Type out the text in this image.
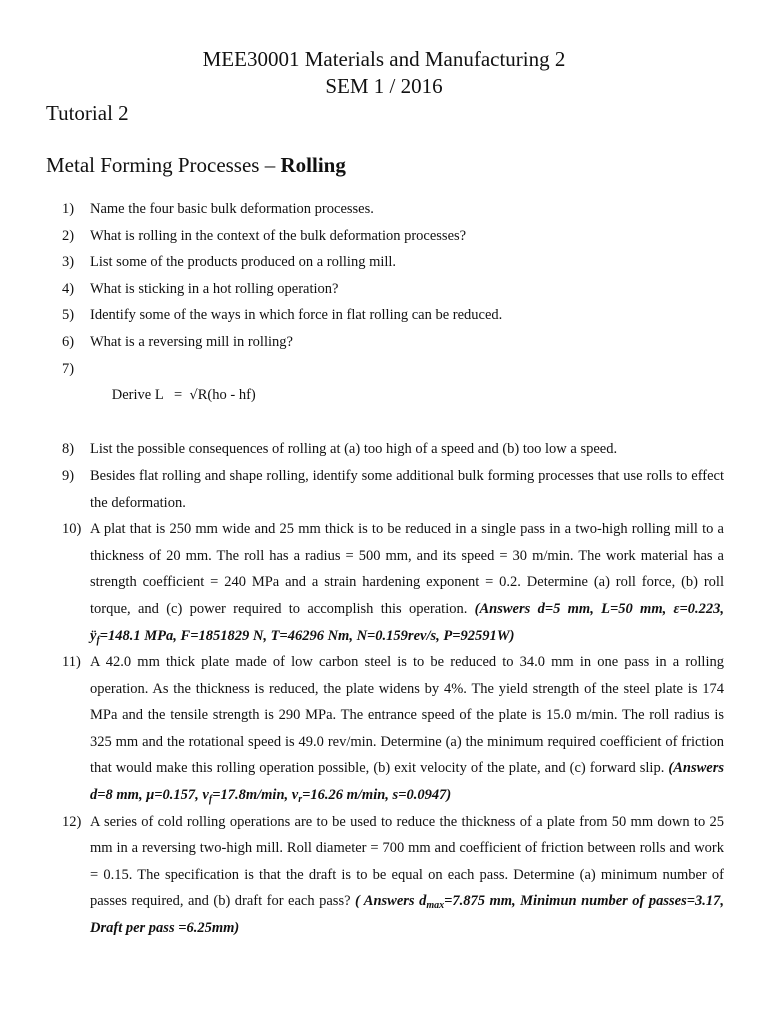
MEE30001 Materials and Manufacturing 2
SEM 1 / 2016
Tutorial 2
Metal Forming Processes – Rolling

1) Name the four basic bulk deformation processes.

2) What is rolling in the context of the bulk deformation processes?

3) List some of the products produced on a rolling mill.

4) What is sticking in a hot rolling operation?

5) Identify some of the ways in which force in flat rolling can be reduced.

6) What is a reversing mill in rolling?

7)
Derive L   =  √R(ho - hf)

8) List the possible consequences of rolling at (a) too high of a speed and (b) too low a speed.

9) Besides flat rolling and shape rolling, identify some additional bulk forming processes that use rolls to effect the deformation.

10) A plat that is 250 mm wide and 25 mm thick is to be reduced in a single pass in a two-high rolling mill to a thickness of 20 mm. The roll has a radius = 500 mm, and its speed = 30 m/min. The work material has a strength coefficient = 240 MPa and a strain hardening exponent = 0.2. Determine (a) roll force, (b) roll torque, and (c) power required to accomplish this operation. (Answers d=5 mm, L=50 mm, ε=0.223, $ÿ_f=148.1$ MPa, F=1851829 N, T=46296 Nm, N=0.159rev/s, P=92591W)

11) A 42.0 mm thick plate made of low carbon steel is to be reduced to 34.0 mm in one pass in a rolling operation. As the thickness is reduced, the plate widens by 4%. The yield strength of the steel plate is 174 MPa and the tensile strength is 290 MPa. The entrance speed of the plate is 15.0 m/min. The roll radius is 325 mm and the rotational speed is 49.0 rev/min. Determine (a) the minimum required coefficient of friction that would make this rolling operation possible, (b) exit velocity of the plate, and (c) forward slip. (Answers d=8 mm, μ=0.157, $v_f=17.8m/\min$, $v_r=16.26$ m/min, s=0.0947)

12) A series of cold rolling operations are to be used to reduce the thickness of a plate from 50 mm down to 25 mm in a reversing two-high mill. Roll diameter = 700 mm and coefficient of friction between rolls and work = 0.15. The specification is that the draft is to be equal on each pass. Determine (a) minimum number of passes required, and (b) draft for each pass? ( Answers $d_{max}=7.875$ mm, Minimun number of passes=3.17, Draft per pass =6.25mm)
